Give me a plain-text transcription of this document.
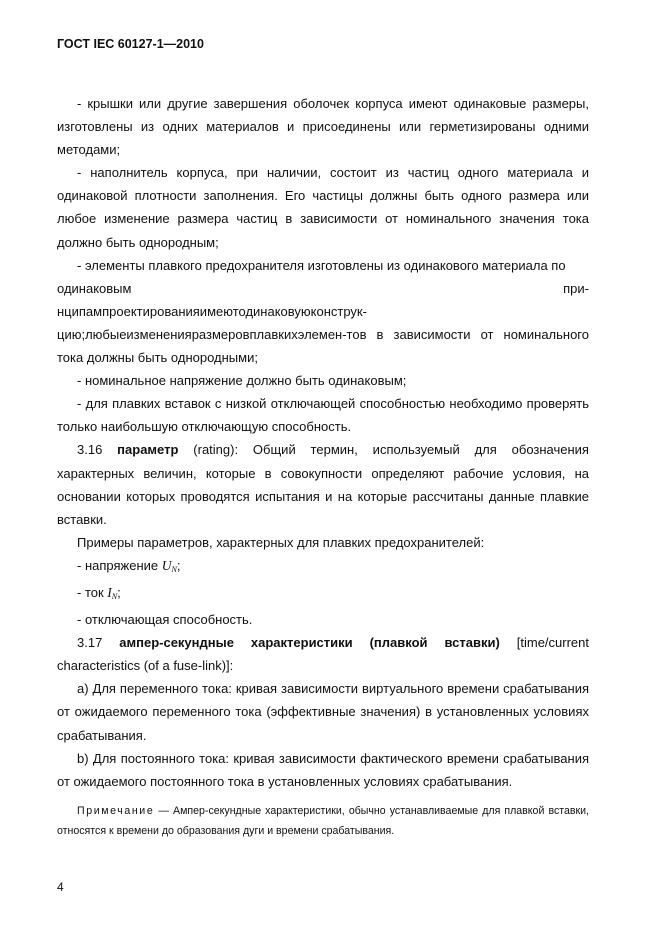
ГОСТ IEC 60127-1—2010

- крышки или другие завершения оболочек корпуса имеют одинаковые размеры, изготовлены из одних материалов и присоединены или герметизированы одними методами;

- наполнитель корпуса, при наличии, состоит из частиц одного материала и одинаковой плотности заполнения. Его частицы должны быть одного размера или любое изменение размера частиц в зависимости от номинального значения тока должно быть однородным;

- элементы плавкого предохранителя изготовлены из одинакового материала по

одинаковым	при-

нципампроектированияимеютодинаковуюконструк-

цию;любыеизменения​размеров​плавких​элемен-тов в зависимости от номинального тока должны быть однородными;

- номинальное напряжение должно быть одинаковым;

- для плавких вставок с низкой отключающей способностью необходимо проверять только наибольшую отключающую способность.

3.16 параметр (rating): Общий термин, используемый для обозначения характерных величин, которые в совокупности определяют рабочие условия, на основании которых проводятся испытания и на которые рассчитаны данные плавкие вставки.

Примеры параметров, характерных для плавких предохранителей:

- напряжение $U_N$;

- ток $I_N$;

- отключающая способность.

3.17 ампер-секундные характеристики (плавкой вставки) [time/current characteristics (of a fuse-link)]:

a) Для переменного тока: кривая зависимости виртуального времени срабатывания от ожидаемого переменного тока (эффективные значения) в установленных условиях срабатывания.

b) Для постоянного тока: кривая зависимости фактического времени срабатывания от ожидаемого постоянного тока в установленных условиях срабатывания.

Примечание — Ампер-секундные характеристики, обычно устанавливаемые для плавкой вставки, относятся к времени до образования дуги и времени срабатывания.
4
